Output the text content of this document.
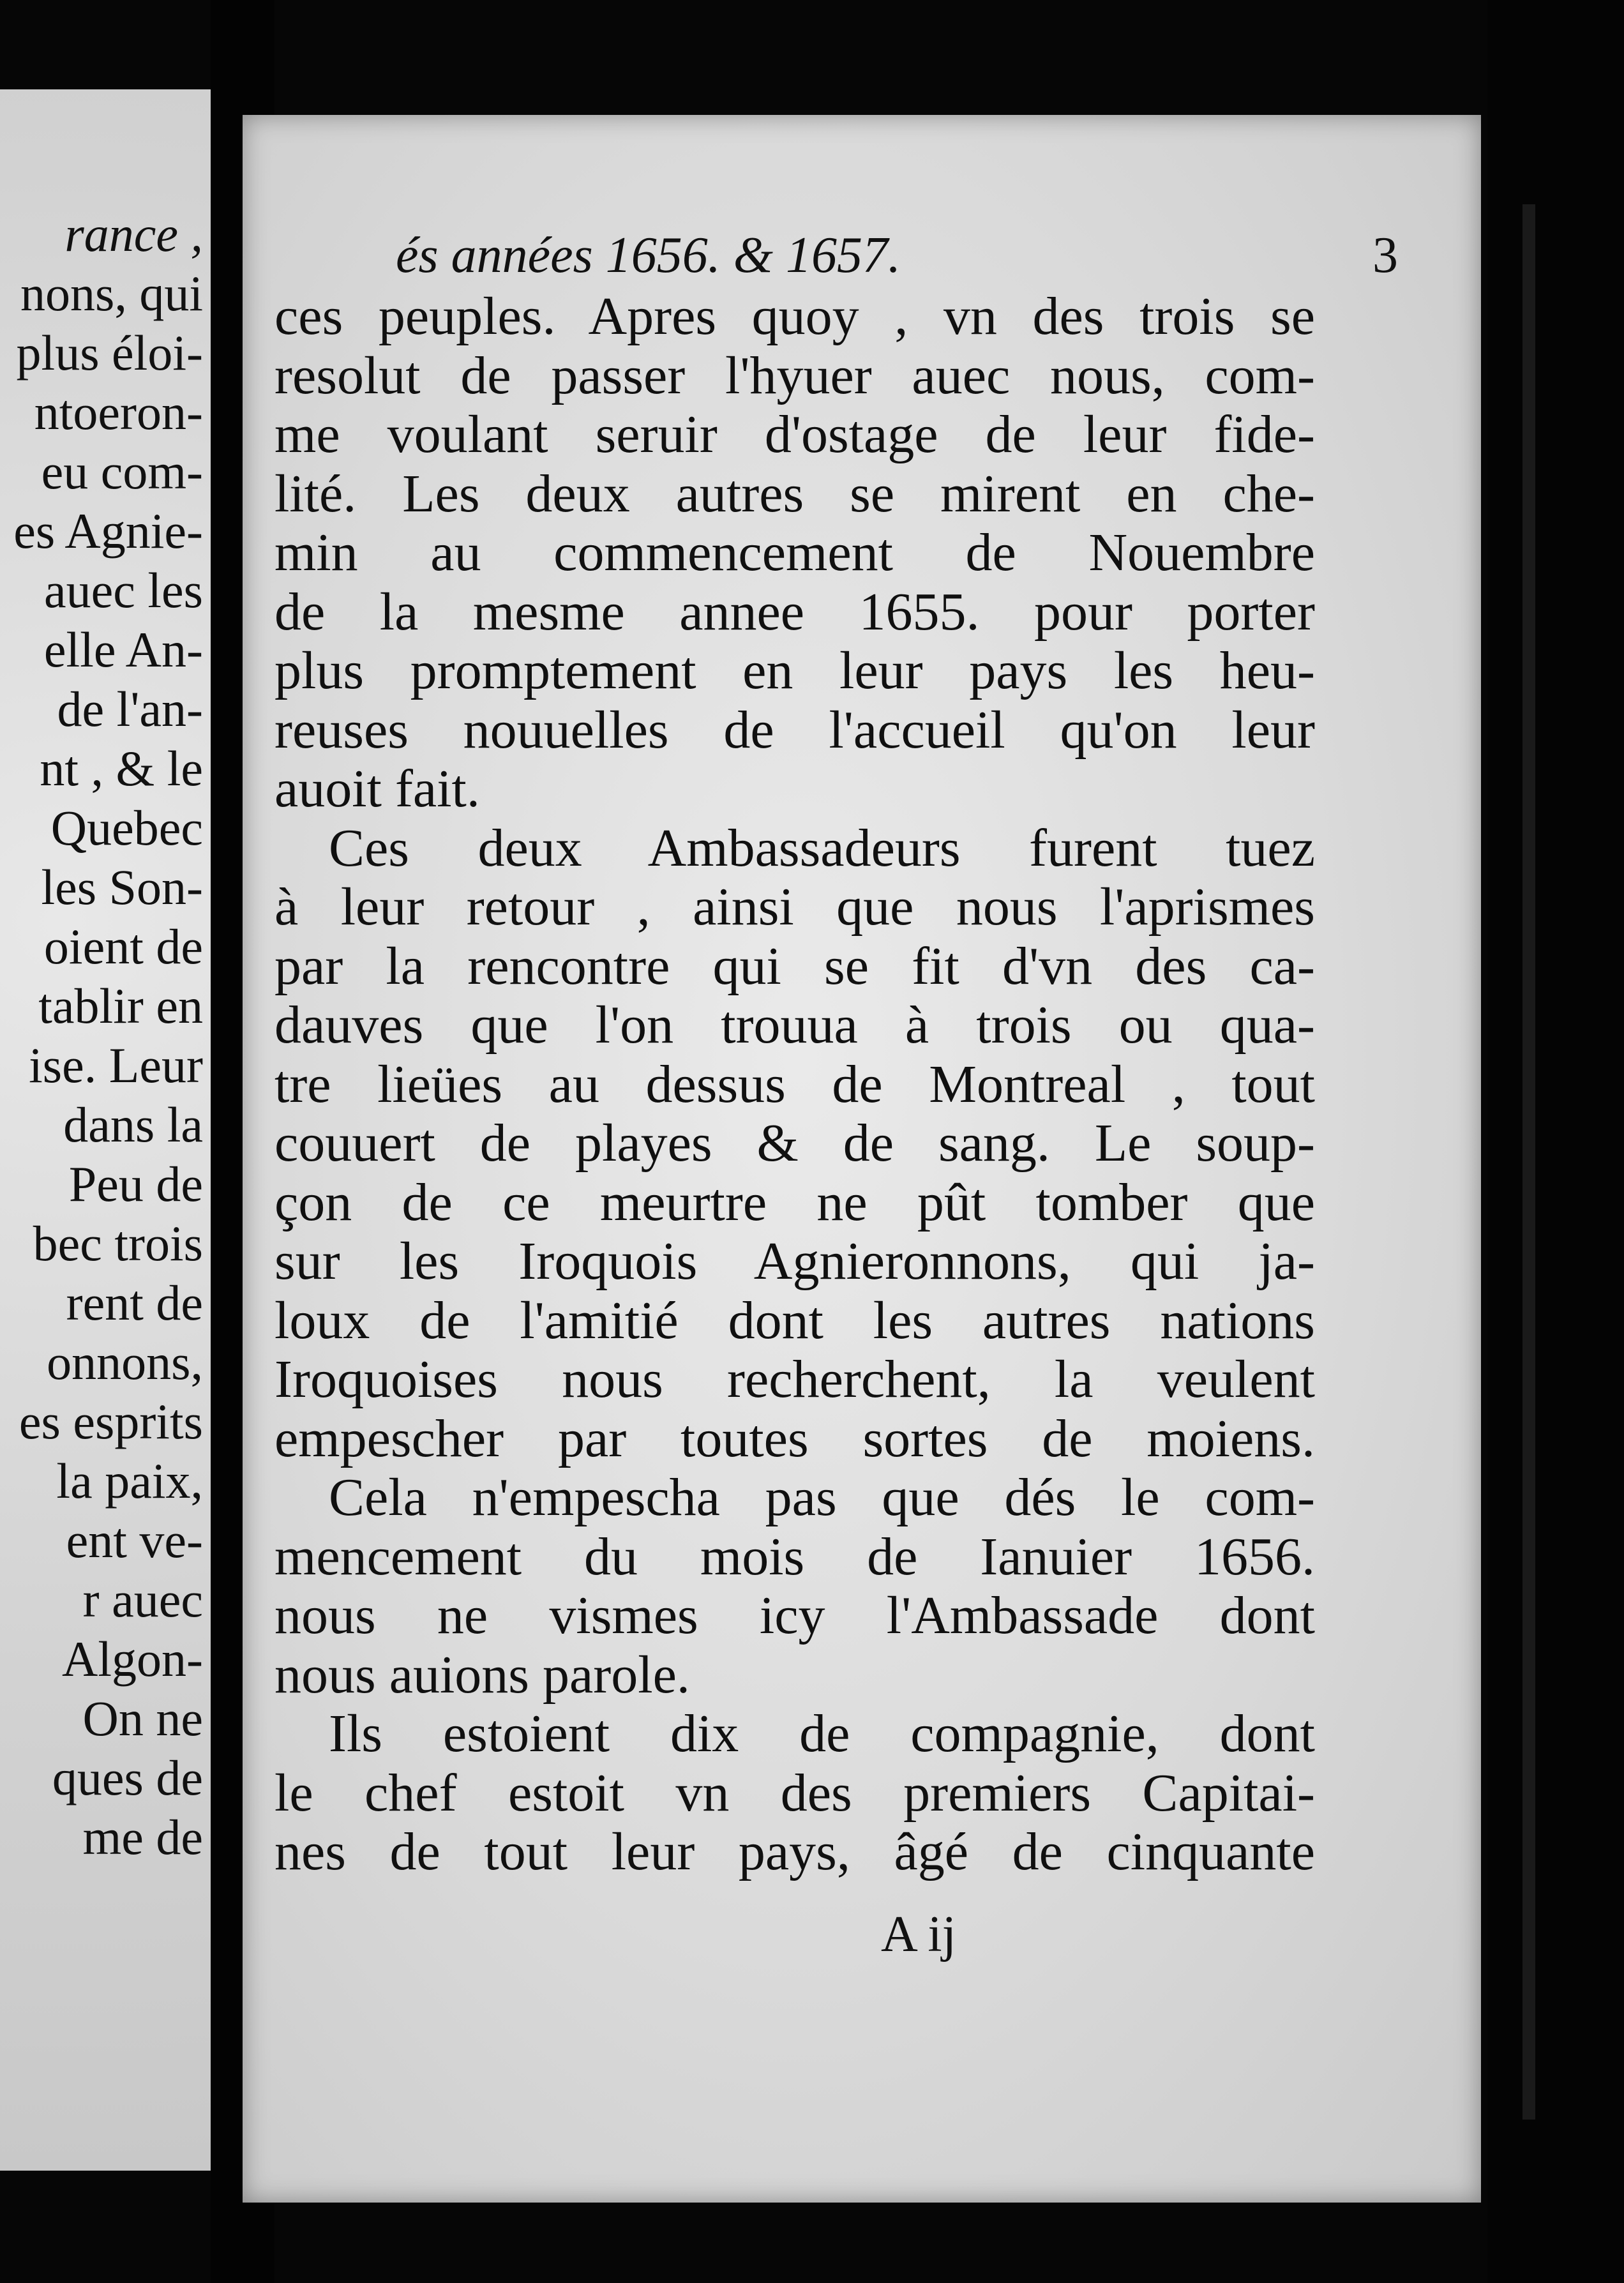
rance ,
nons, qui
plus éloi-
ntoeron-
eu com-
es Agnie-
auec les
elle An-
de l'an-
nt , & le
Quebec
les Son-
oient de
tablir en
ise. Leur
dans la
Peu de
bec trois
rent de
onnons,
es esprits
la paix,
ent ve-
r auec
Algon-
On ne
ques de
me de
és années 1656. & 1657.	3
ces peuples. Apres quoy , vn des trois se
resolut de passer l'hyuer auec nous, com-
me voulant seruir d'ostage de leur fide-
lité. Les deux autres se mirent en che-
min au commencement de Nouembre
de la mesme annee 1655. pour porter
plus promptement en leur pays les heu-
reuses nouuelles de l'accueil qu'on leur
auoit fait.
Ces deux Ambassadeurs furent tuez
à leur retour , ainsi que nous l'aprismes
par la rencontre qui se fit d'vn des ca-
dauves que l'on trouua à trois ou qua-
tre lieües au dessus de Montreal , tout
couuert de playes & de sang. Le soup-
çon de ce meurtre ne pût tomber que
sur les Iroquois Agnieronnons, qui ja-
loux de l'amitié dont les autres nations
Iroquoises nous recherchent, la veulent
empescher par toutes sortes de moiens.
Cela n'empescha pas que dés le com-
mencement du mois de Ianuier 1656.
nous ne vismes icy l'Ambassade dont
nous auions parole.
Ils estoient dix de compagnie, dont
le chef estoit vn des premiers Capitai-
nes de tout leur pays, âgé de cinquante
A ij
